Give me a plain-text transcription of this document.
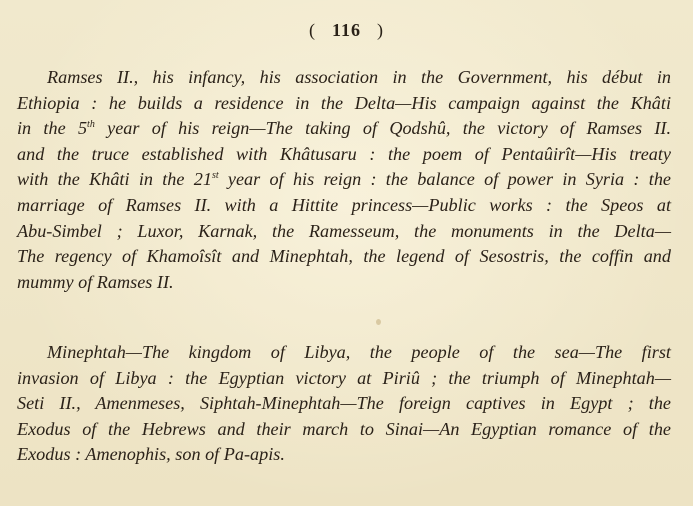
( 116 )
Ramses II., his infancy, his association in the Government, his début in
Ethiopia : he builds a residence in the Delta—His campaign against the Khâti
in the 5th year of his reign—The taking of Qodshû, the victory of Ramses II.
and the truce established with Khâtusaru : the poem of Pentaûirît—His treaty
with the Khâti in the 21st year of his reign : the balance of power in Syria : the
marriage of Ramses II. with a Hittite princess—Public works : the Speos at
Abu-Simbel ; Luxor, Karnak, the Ramesseum, the monuments in the Delta—
The regency of Khamoîsît and Minephtah, the legend of Sesostris, the coffin and
mummy of Ramses II.
Minephtah—The kingdom of Libya, the people of the sea—The first
invasion of Libya : the Egyptian victory at Piriû ; the triumph of Minephtah—
Seti II., Amenmeses, Siphtah-Minephtah—The foreign captives in Egypt ; the
Exodus of the Hebrews and their march to Sinai—An Egyptian romance of the
Exodus : Amenophis, son of Pa-apis.
